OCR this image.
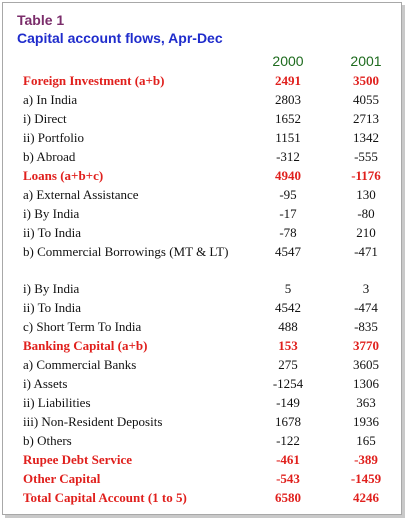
Table 1
Capital account flows, Apr-Dec
2000	2001
Foreign Investment (a+b)	2491	3500
a) In India	2803	4055
i) Direct	1652	2713
ii) Portfolio	1151	1342
b) Abroad	-312	-555
Loans (a+b+c)	4940	-1176
a) External Assistance	-95	130
i) By India	-17	-80
ii) To India	-78	210
b) Commercial Borrowings (MT & LT)	4547	-471
i) By India	5	3
ii) To India	4542	-474
c) Short Term To India	488	-835
Banking Capital (a+b)	153	3770
a) Commercial Banks	275	3605
i) Assets	-1254	1306
ii) Liabilities	-149	363
iii) Non-Resident Deposits	1678	1936
b) Others	-122	165
Rupee Debt Service	-461	-389
Other Capital	-543	-1459
Total Capital Account (1 to 5)	6580	4246
